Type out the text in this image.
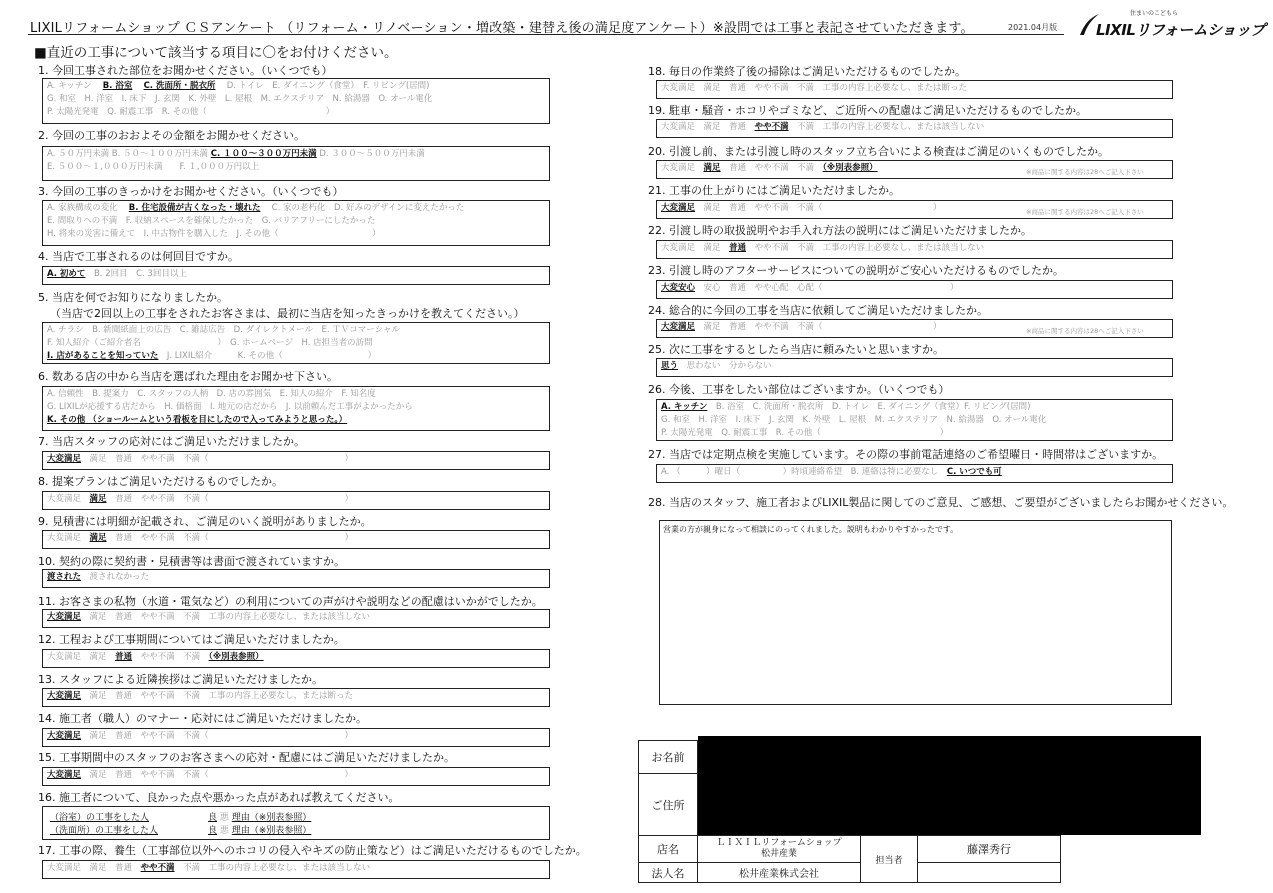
LIXILリフォームショップ ＣＳアンケート （リフォーム・リノベーション・増改築・建替え後の満足度アンケート）※設問では工事と表記させていただきます。	2021.04月版
住まいのこどもら
LIXILリフォームショップ
■直近の工事について該当する項目に〇をお付けください。
1. 今回工事された部位をお聞かせください。（いくつでも）
A. キッチン　 B. 浴室　 C. 洗面所・脱衣所　 D. トイレ　E. ダイニング（食堂）　F. リビング(居間)
G. 和室　H. 洋室　I. 床下　J. 玄関　K. 外壁　L. 屋根　M. エクステリア　N. 給湯器　O. オール電化
P. 太陽光発電　Q. 耐震工事　R. その他（　　　　　　　　　　　　　　）
2. 今回の工事のおおよその金額をお聞かせください。
A. ５０万円未満 B. ５０～１００万円未満 C. １００～３００万円未満 D. ３００～５００万円未満
E. ５００～１,０００万円未満　　F. １,０００万円以上
3. 今回の工事のきっかけをお聞かせください。（いくつでも）
A. 家族構成の変化　 B. 住宅設備が古くなった・壊れた　 C. 家の老朽化　D. 好みのデザインに変えたかった
E. 間取りへの不満　F. 収納スペースを確保したかった　G. バリアフリーにしたかった
H. 将来の災害に備えて　I. 中古物件を購入した　J. その他（　　　　　　　　　　　）
4. 当店で工事されるのは何回目ですか。
A. 初めて　 B. 2回目　C. 3回目以上
5. 当店を何でお知りになりましたか。
（当店で2回以上の工事をされたお客さまは、最初に当店を知ったきっかけを教えてください。）
A. チラシ　B. 新聞紙面上の広告　C. 雑誌広告　D. ダイレクトメール　E. ＴＶコマーシャル
F. 知人紹介（ご紹介者名　　　　　　　　　）　G. ホームページ　H. 店担当者の訪問
I. 店があることを知っていた　 J. LIXIL紹介　　　K. その他（　　　　　　　　　　）
6. 数ある店の中から当店を選ばれた理由をお聞かせ下さい。
A. 信頼性　B. 提案力　C. スタッフの人柄　D. 店の雰囲気　E. 知人の紹介　F. 知名度
G. LIXILが応援する店だから　H. 価格面　I. 地元の店だから　J. 以前頼んだ工事がよかったから
K. その他 （ショールームという看板を目にしたので入ってみようと思った。）
7. 当店スタッフの応対にはご満足いただけましたか。
大変満足　 満足　普通　やや不満　不満（　　　　　　　　　　　　　　　　）
8. 提案プランはご満足いただけるものでしたか。
大変満足　 満足　 普通　やや不満　不満（　　　　　　　　　　　　　　　　）
9. 見積書には明細が記載され、ご満足のいく説明がありましたか。
大変満足　 満足　 普通　やや不満　不満（　　　　　　　　　　　　　　　　）
10. 契約の際に契約書・見積書等は書面で渡されていますか。
渡された　 渡されなかった
11. お客さまの私物（水道・電気など）の利用についての声がけや説明などの配慮はいかがでしたか。
大変満足　 満足　普通　やや不満　不満　工事の内容上必要なし、または該当しない
12. 工程および工事期間についてはご満足いただけましたか。
大変満足　満足　 普通　 やや不満　不満　 （※別表参照）
13. スタッフによる近隣挨拶はご満足いただけましたか。
大変満足　 満足　普通　やや不満　不満　工事の内容上必要なし、または断った
14. 施工者（職人）のマナー・応対にはご満足いただけましたか。
大変満足　 満足　普通　やや不満　不満（　　　　　　　　　　　　　　　　）
15. 工事期間中のスタッフのお客さまへの応対・配慮にはご満足いただけましたか。
大変満足　 満足　普通　やや不満　不満（　　　　　　　　　　　　　　　　）
16. 施工者について、良かった点や悪かった点があれば教えてください。
（浴室）の工事をした人	良 悪 理由（※別表参照）
（洗面所）の工事をした人	良 悪 理由（※別表参照）
17. 工事の際、養生（工事部位以外へのホコリの侵入やキズの防止策など）はご満足いただけるものでしたか。
大変満足　満足　普通　 やや不満　 不満　工事の内容上必要なし、または該当しない
18. 毎日の作業終了後の掃除はご満足いただけるものでしたか。
大変満足　満足　普通　やや不満　不満　工事の内容上必要なし、または断った
19. 駐車・騒音・ホコリやゴミなど、ご近所への配慮はご満足いただけるものでしたか。
大変満足　満足　普通　 やや不満　 不満　工事の内容上必要なし、または該当しない
20. 引渡し前、または引渡し時のスタッフ立ち合いによる検査はご満足のいくものでしたか。
大変満足　 満足　 普通　やや不満　不満　 （※別表参照）	※商品に関する内容は28へご記入下さい
21. 工事の仕上がりにはご満足いただけましたか。
大変満足　 満足　普通　やや不満　不満（　　　　　　　　　　　　　）	※商品に関する内容は28へご記入下さい
22. 引渡し時の取扱説明やお手入れ方法の説明にはご満足いただけましたか。
大変満足　満足　 普通　 やや不満　不満　工事の内容上必要なし、または該当しない
23. 引渡し時のアフターサービスについての説明がご安心いただけるものでしたか。
大変安心　 安心　普通　やや心配　心配（　　　　　　　　　　　　　　　）
24. 総合的に今回の工事を当店に依頼してご満足いただけましたか。
大変満足　 満足　普通　やや不満　不満（　　　　　　　　　　　　　）	※商品に関する内容は28へご記入下さい
25. 次に工事をするとしたら当店に頼みたいと思いますか。
思う　 思わない　分からない
26. 今後、工事をしたい部位はございますか。（いくつでも）
A. キッチン　 B. 浴室　C. 洗面所・脱衣所　D. トイレ　E. ダイニング（食堂）F. リビング(居間)
G. 和室　H. 洋室　I. 床下　J. 玄関　K. 外壁　L. 屋根　M. エクステリア　N. 給湯器　O. オール電化
P. 太陽光発電　Q. 耐震工事　R. その他（　　　　　　　　　　　　　　）
27. 当店では定期点検を実施しています。その際の事前電話連絡のご希望曜日・時間帯はございますか。
A. （　　　）曜日（　　　　　）時頃連絡希望　B. 連絡は特に必要なし　 C. いつでも可
28. 当店のスタッフ、施工者およびLIXIL製品に関してのご意見、ご感想、ご要望がございましたらお聞かせください。
営業の方が親身になって相談にのってくれました。説明もわかりやすかったです。
お名前			
ご住所			
店名	ＬＩＸＩＬリフォームショップ
松井産業	担当者	藤澤秀行
法人名	松井産業株式会社		
